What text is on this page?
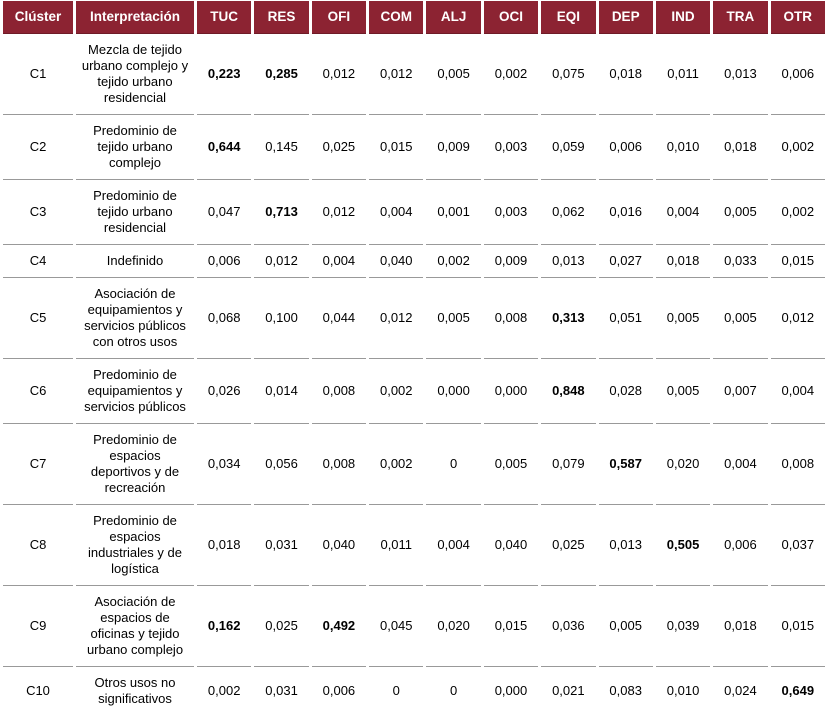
Clúster	Interpretación	TUC	RES	OFI	COM	ALJ	OCI	EQI	DEP	IND	TRA	OTR
C1	Mezcla de tejido urbano complejo y tejido urbano residencial	0,223	0,285	0,012	0,012	0,005	0,002	0,075	0,018	0,011	0,013	0,006
C2	Predominio de tejido urbano complejo	0,644	0,145	0,025	0,015	0,009	0,003	0,059	0,006	0,010	0,018	0,002
C3	Predominio de tejido urbano residencial	0,047	0,713	0,012	0,004	0,001	0,003	0,062	0,016	0,004	0,005	0,002
C4	Indefinido	0,006	0,012	0,004	0,040	0,002	0,009	0,013	0,027	0,018	0,033	0,015
C5	Asociación de equipamientos y servicios públicos con otros usos	0,068	0,100	0,044	0,012	0,005	0,008	0,313	0,051	0,005	0,005	0,012
C6	Predominio de equipamientos y servicios públicos	0,026	0,014	0,008	0,002	0,000	0,000	0,848	0,028	0,005	0,007	0,004
C7	Predominio de espacios deportivos y de recreación	0,034	0,056	0,008	0,002	0	0,005	0,079	0,587	0,020	0,004	0,008
C8	Predominio de espacios industriales y de logística	0,018	0,031	0,040	0,011	0,004	0,040	0,025	0,013	0,505	0,006	0,037
C9	Asociación de espacios de oficinas y tejido urbano complejo	0,162	0,025	0,492	0,045	0,020	0,015	0,036	0,005	0,039	0,018	0,015
C10	Otros usos no significativos	0,002	0,031	0,006	0	0	0,000	0,021	0,083	0,010	0,024	0,649
